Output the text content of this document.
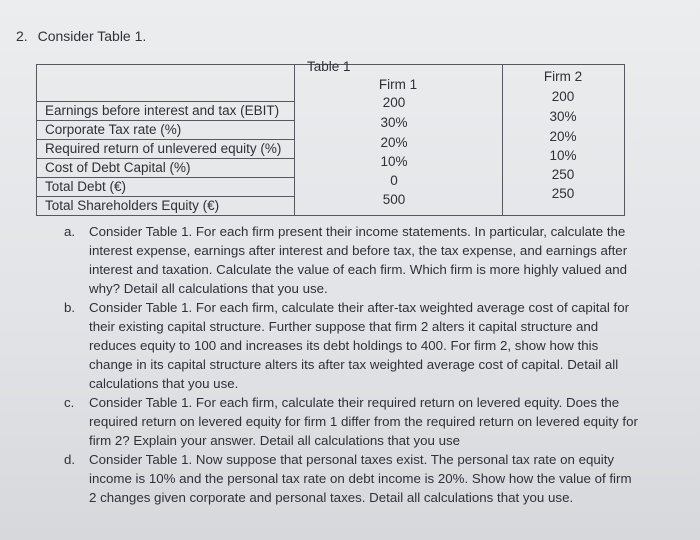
2. Consider Table 1.
Table 1
Firm 1
Firm 2
Earnings before interest and tax (EBIT)
Corporate Tax rate (%)
Required return of unlevered equity (%)
Cost of Debt Capital (%)
Total Debt (€)
Total Shareholders Equity (€)
200
30%
20%
10%
0
500
200
30%
20%
10%
250
250
a. Consider Table 1. For each firm present their income statements. In particular, calculate the interest expense, earnings after interest and before tax, the tax expense, and earnings after interest and taxation. Calculate the value of each firm. Which firm is more highly valued and why? Detail all calculations that you use.
b. Consider Table 1. For each firm, calculate their after-tax weighted average cost of capital for their existing capital structure. Further suppose that firm 2 alters it capital structure and reduces equity to 100 and increases its debt holdings to 400. For firm 2, show how this change in its capital structure alters its after tax weighted average cost of capital. Detail all calculations that you use.
c. Consider Table 1. For each firm, calculate their required return on levered equity. Does the required return on levered equity for firm 1 differ from the required return on levered equity for firm 2? Explain your answer. Detail all calculations that you use
d. Consider Table 1. Now suppose that personal taxes exist. The personal tax rate on equity income is 10% and the personal tax rate on debt income is 20%. Show how the value of firm 2 changes given corporate and personal taxes. Detail all calculations that you use.
